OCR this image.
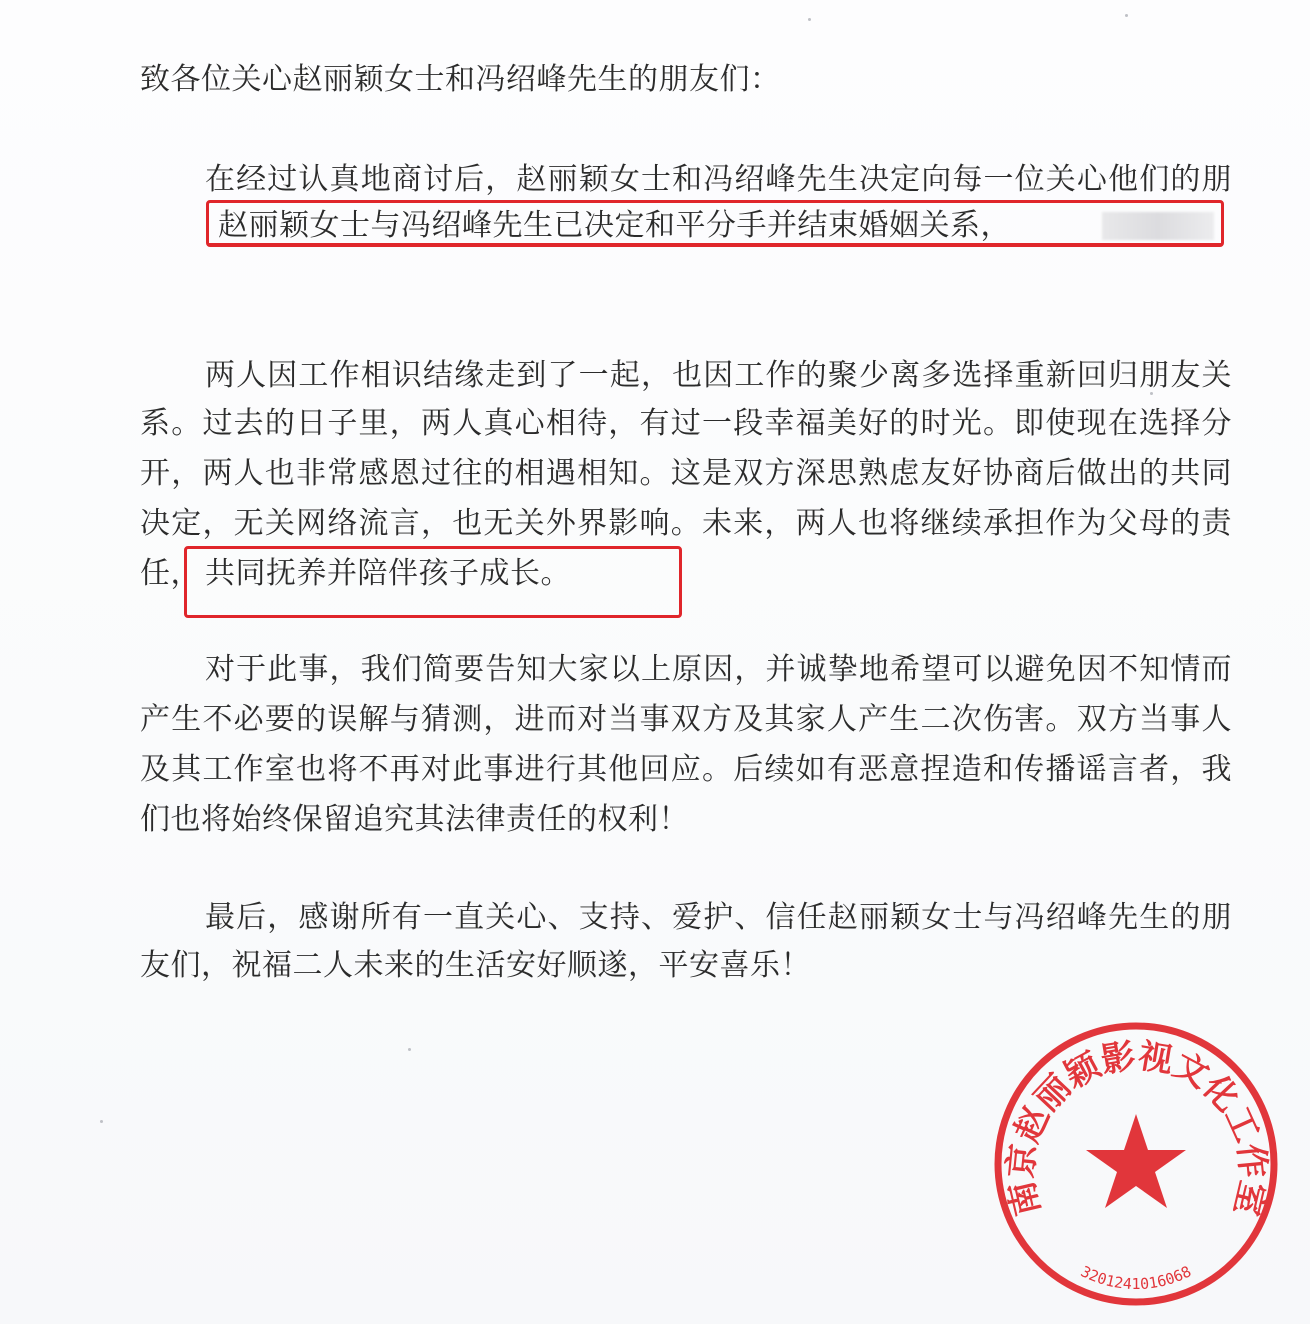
致各位关心赵丽颖女士和冯绍峰先生的朋友们：
在经过认真地商讨后，赵丽颖女士和冯绍峰先生决定向每一位关心他们的朋
赵丽颖女士与冯绍峰先生已决定和平分手并结束婚姻关系，
两人因工作相识结缘走到了一起，也因工作的聚少离多选择重新回归朋友关
系。过去的日子里，两人真心相待，有过一段幸福美好的时光。即使现在选择分
开，两人也非常感恩过往的相遇相知。这是双方深思熟虑友好协商后做出的共同
决定，无关网络流言，也无关外界影响。未来，两人也将继续承担作为父母的责
任， 共同抚养并陪伴孩子成长。
对于此事，我们简要告知大家以上原因，并诚挚地希望可以避免因不知情而
产生不必要的误解与猜测，进而对当事双方及其家人产生二次伤害。双方当事人
及其工作室也将不再对此事进行其他回应。后续如有恶意捏造和传播谣言者，我
们也将始终保留追究其法律责任的权利！
最后，感谢所有一直关心、支持、爱护、信任赵丽颖女士与冯绍峰先生的朋
友们，祝福二人未来的生活安好顺遂，平安喜乐！
南京赵丽颖影视文化工作室
3201241016068
